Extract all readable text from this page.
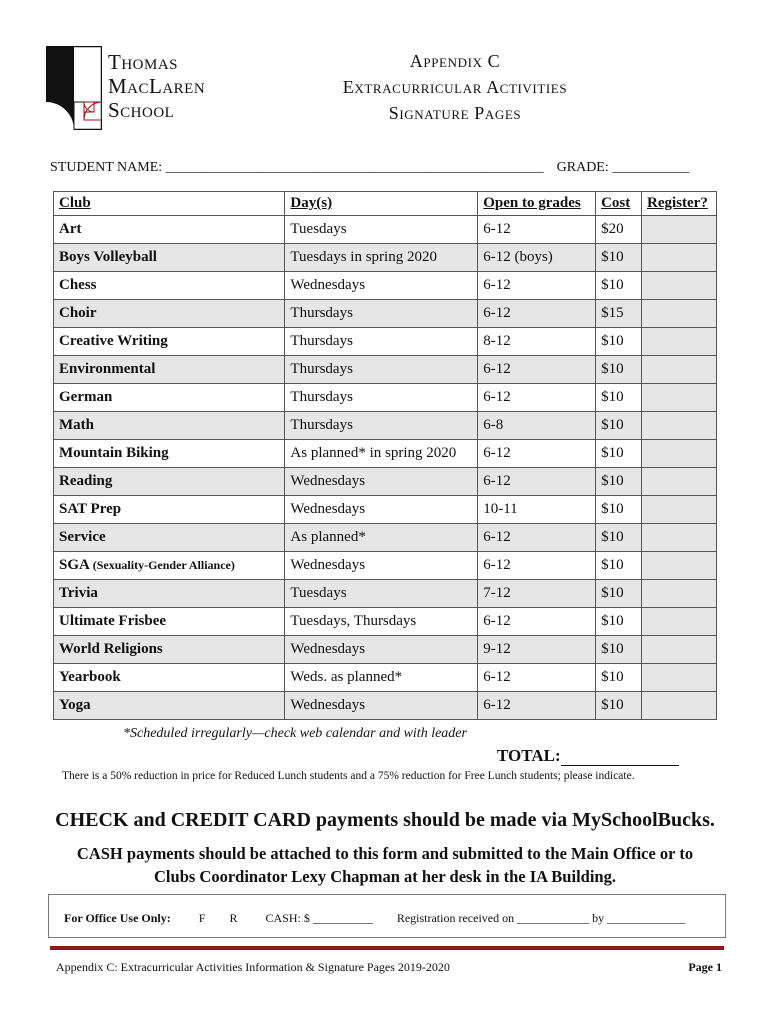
Thomas
MacLaren
School
Appendix C
Extracurricular Activities
Signature Pages
STUDENT NAME: ______________________________________________________ GRADE: ___________
Club	Day(s)	Open to grades	Cost	Register?
Art	Tuesdays	6-12	$20	
Boys Volleyball	Tuesdays in spring 2020	6-12 (boys)	$10	
Chess	Wednesdays	6-12	$10	
Choir	Thursdays	6-12	$15	
Creative Writing	Thursdays	8-12	$10	
Environmental	Thursdays	6-12	$10	
German	Thursdays	6-12	$10	
Math	Thursdays	6-8	$10	
Mountain Biking	As planned* in spring 2020	6-12	$10	
Reading	Wednesdays	6-12	$10	
SAT Prep	Wednesdays	10-11	$10	
Service	As planned*	6-12	$10	
SGA (Sexuality-Gender Alliance)	Wednesdays	6-12	$10	
Trivia	Tuesdays	7-12	$10	
Ultimate Frisbee	Tuesdays, Thursdays	6-12	$10	
World Religions	Wednesdays	9-12	$10	
Yearbook	Weds. as planned*	6-12	$10	
Yoga	Wednesdays	6-12	$10	
*Scheduled irregularly—check web calendar and with leader
TOTAL:
There is a 50% reduction in price for Reduced Lunch students and a 75% reduction for Free Lunch students; please indicate.
CHECK and CREDIT CARD payments should be made via MySchoolBucks.
CASH payments should be attached to this form and submitted to the Main Office or to
Clubs Coordinator Lexy Chapman at her desk in the IA Building.
For Office Use Only: F R CASH: $ __________ Registration received on ____________ by _____________
Appendix C: Extracurricular Activities Information & Signature Pages 2019-2020	Page 1
